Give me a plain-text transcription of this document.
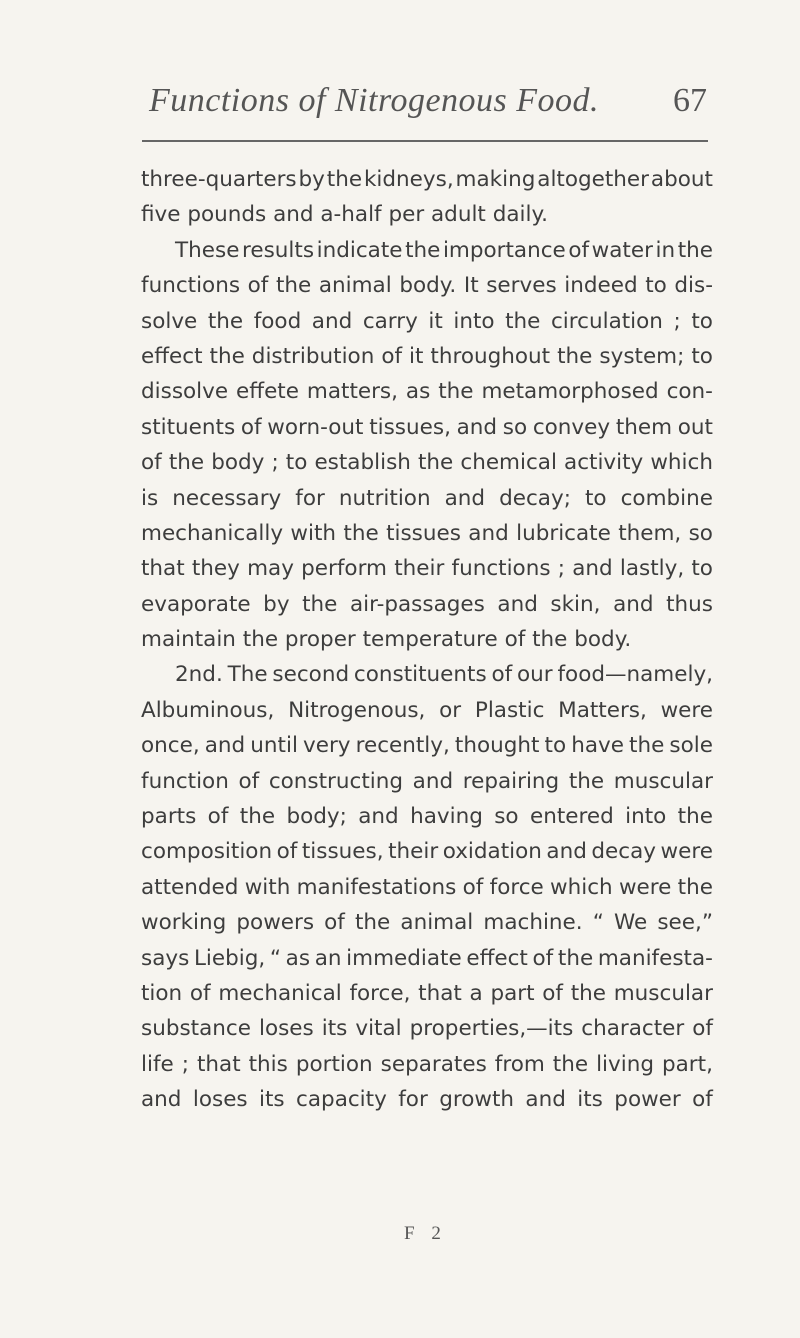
Functions of Nitrogenous Food. 67
three-quarters by the kidneys, making altogether about
five pounds and a-half per adult daily.
These results indicate the importance of water in the
functions of the animal body. It serves indeed to dis-
solve the food and carry it into the circulation ; to
effect the distribution of it throughout the system; to
dissolve effete matters, as the metamorphosed con-
stituents of worn-out tissues, and so convey them out
of the body ; to establish the chemical activity which
is necessary for nutrition and decay; to combine
mechanically with the tissues and lubricate them, so
that they may perform their functions ; and lastly, to
evaporate by the air-passages and skin, and thus
maintain the proper temperature of the body.
2nd. The second constituents of our food—namely,
Albuminous, Nitrogenous, or Plastic Matters, were
once, and until very recently, thought to have the sole
function of constructing and repairing the muscular
parts of the body; and having so entered into the
composition of tissues, their oxidation and decay were
attended with manifestations of force which were the
working powers of the animal machine. “ We see,”
says Liebig, “ as an immediate effect of the manifesta-
tion of mechanical force, that a part of the muscular
substance loses its vital properties,—its character of
life ; that this portion separates from the living part,
and loses its capacity for growth and its power of
F 2
